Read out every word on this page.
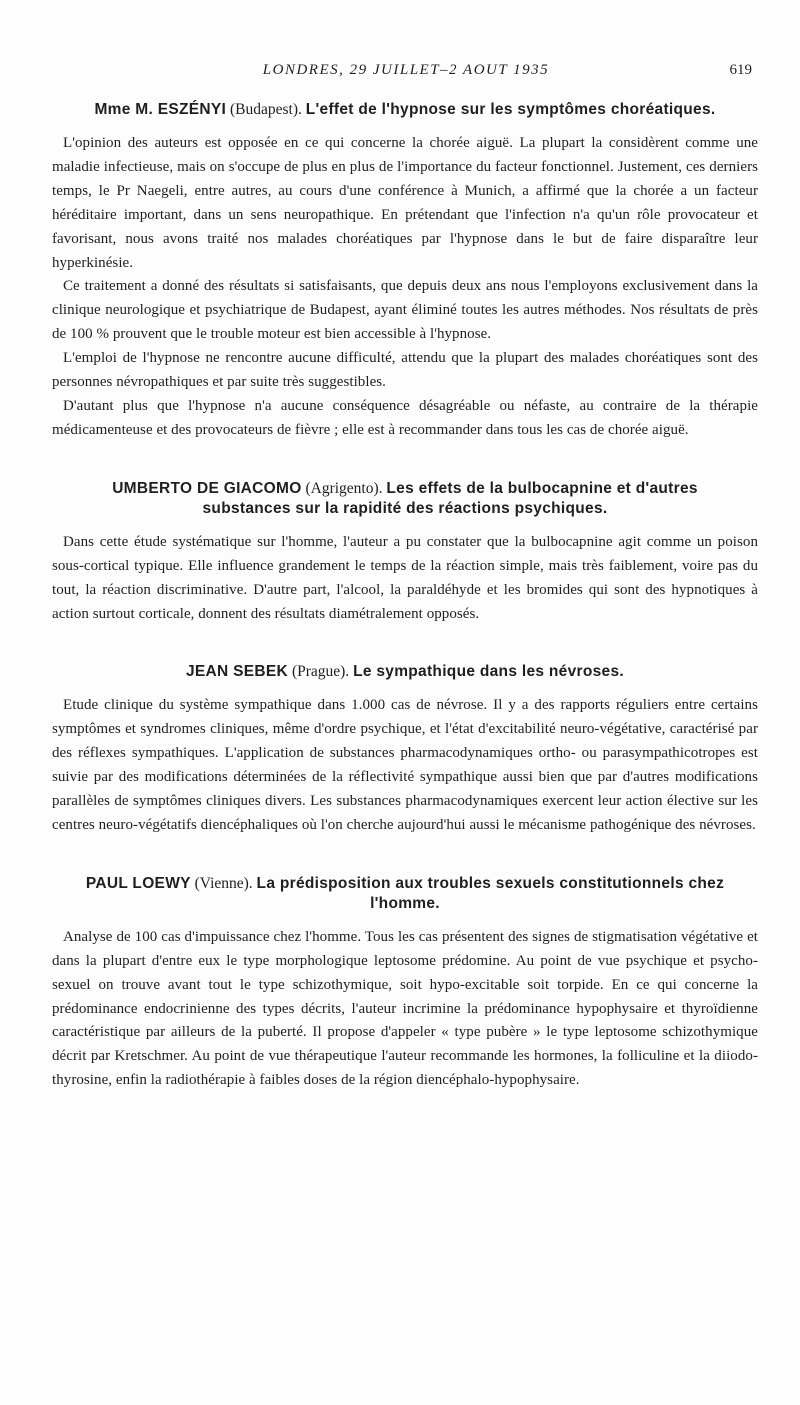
LONDRES, 29 JUILLET–2 AOUT 1935	619
Mme M. ESZÉNYI (Budapest). L'effet de l'hypnose sur les symptômes choréatiques.

L'opinion des auteurs est opposée en ce qui concerne la chorée aiguë. La plupart la considèrent comme une maladie infectieuse, mais on s'occupe de plus en plus de l'importance du facteur fonctionnel. Justement, ces derniers temps, le Pr Naegeli, entre autres, au cours d'une conférence à Munich, a affirmé que la chorée a un facteur héréditaire important, dans un sens neuropathique. En prétendant que l'infection n'a qu'un rôle provocateur et favorisant, nous avons traité nos malades choréatiques par l'hypnose dans le but de faire disparaître leur hyperkinésie.

Ce traitement a donné des résultats si satisfaisants, que depuis deux ans nous l'employons exclusivement dans la clinique neurologique et psychiatrique de Budapest, ayant éliminé toutes les autres méthodes. Nos résultats de près de 100 % prouvent que le trouble moteur est bien accessible à l'hypnose.

L'emploi de l'hypnose ne rencontre aucune difficulté, attendu que la plupart des malades choréatiques sont des personnes névropathiques et par suite très suggestibles.

D'autant plus que l'hypnose n'a aucune conséquence désagréable ou néfaste, au contraire de la thérapie médicamenteuse et des provocateurs de fièvre ; elle est à recommander dans tous les cas de chorée aiguë.

UMBERTO DE GIACOMO (Agrigento). Les effets de la bulbocapnine et d'autres substances sur la rapidité des réactions psychiques.

Dans cette étude systématique sur l'homme, l'auteur a pu constater que la bulbocapnine agit comme un poison sous-cortical typique. Elle influence grandement le temps de la réaction simple, mais très faiblement, voire pas du tout, la réaction discriminative. D'autre part, l'alcool, la paraldéhyde et les bromides qui sont des hypnotiques à action surtout corticale, donnent des résultats diamétralement opposés.

JEAN SEBEK (Prague). Le sympathique dans les névroses.

Etude clinique du système sympathique dans 1.000 cas de névrose. Il y a des rapports réguliers entre certains symptômes et syndromes cliniques, même d'ordre psychique, et l'état d'excitabilité neuro-végétative, caractérisé par des réflexes sympathiques. L'application de substances pharmacodynamiques ortho- ou parasympathicotropes est suivie par des modifications déterminées de la réflectivité sympathique aussi bien que par d'autres modifications parallèles de symptômes cliniques divers. Les substances pharmacodynamiques exercent leur action élective sur les centres neuro-végétatifs diencéphaliques où l'on cherche aujourd'hui aussi le mécanisme pathogénique des névroses.

PAUL LOEWY (Vienne). La prédisposition aux troubles sexuels constitutionnels chez l'homme.

Analyse de 100 cas d'impuissance chez l'homme. Tous les cas présentent des signes de stigmatisation végétative et dans la plupart d'entre eux le type morphologique leptosome prédomine. Au point de vue psychique et psycho-sexuel on trouve avant tout le type schizothymique, soit hypo-excitable soit torpide. En ce qui concerne la prédominance endocrinienne des types décrits, l'auteur incrimine la prédominance hypophysaire et thyroïdienne caractéristique par ailleurs de la puberté. Il propose d'appeler « type pubère » le type leptosome schizothymique décrit par Kretschmer. Au point de vue thérapeutique l'auteur recommande les hormones, la folliculine et la diiodo-thyrosine, enfin la radiothérapie à faibles doses de la région diencéphalo-hypophysaire.
